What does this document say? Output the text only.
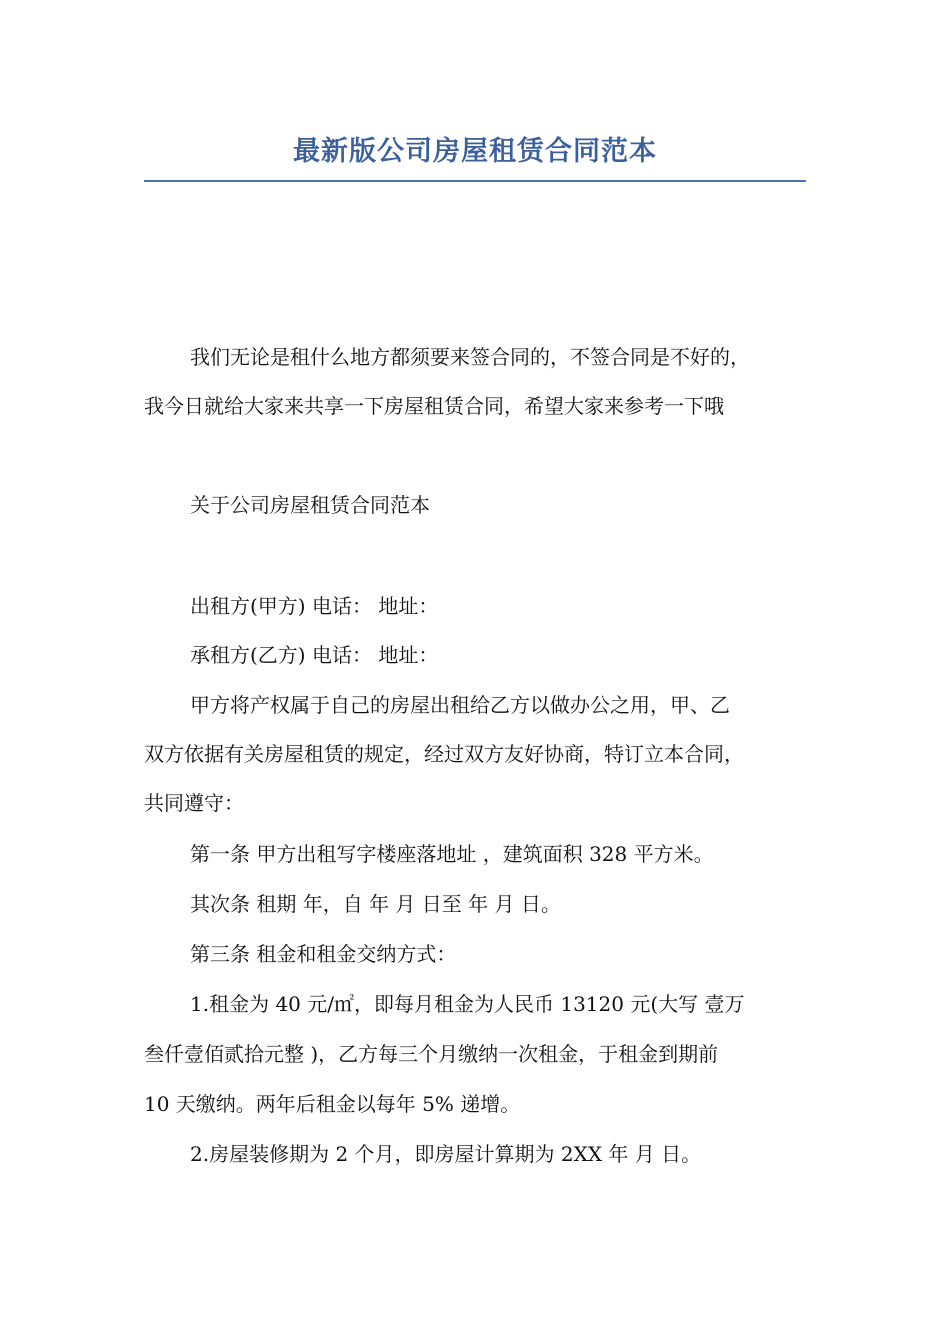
最新版公司房屋租赁合同范本

我们无论是租什么地方都须要来签合同的，不签合同是不好的，

我今日就给大家来共享一下房屋租赁合同，希望大家来参考一下哦

关于公司房屋租赁合同范本

出租方(甲方) 电话： 地址：

承租方(乙方) 电话： 地址：

甲方将产权属于自己的房屋出租给乙方以做办公之用，甲、乙

双方依据有关房屋租赁的规定，经过双方友好协商，特订立本合同，

共同遵守：

第一条 甲方出租写字楼座落地址 ，建筑面积 328 平方米。

其次条 租期 年，自 年 月 日至 年 月 日。

第三条 租金和租金交纳方式：

1.租金为 40 元/㎡，即每月租金为人民币 13120 元(大写 壹万

叁仟壹佰贰拾元整 )，乙方每三个月缴纳一次租金，于租金到期前

10 天缴纳。两年后租金以每年 5% 递增。

2.房屋装修期为 2 个月，即房屋计算期为 2XX 年 月 日。
